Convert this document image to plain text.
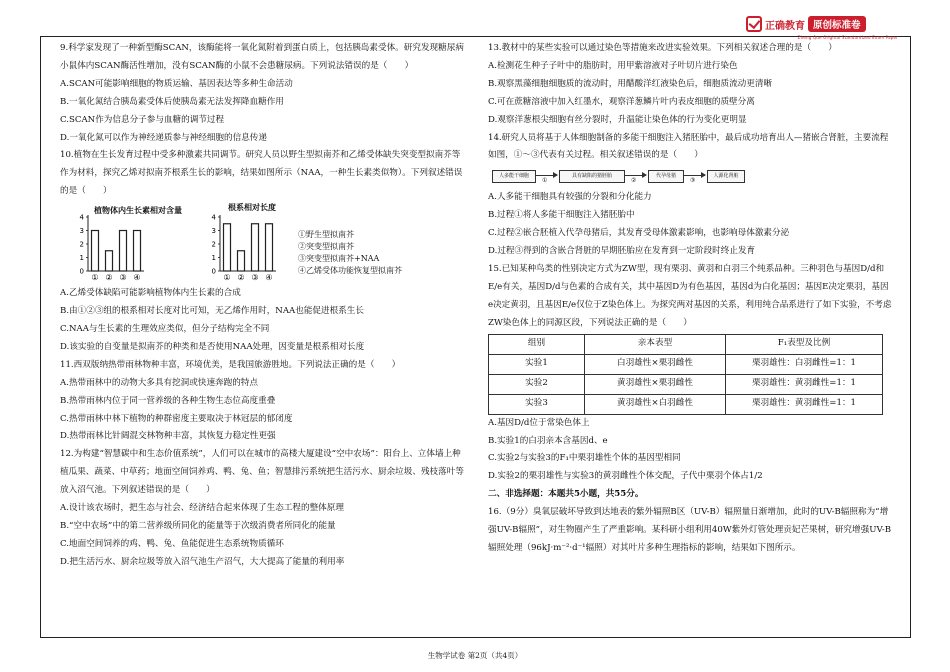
正确教育 原创标准卷
Zheng Que Original Standardized Exam Paper

9.科学家发现了一种新型酶SCAN，该酶能将一氧化氮附着到蛋白质上，包括胰岛素受体。研究发现糖尿病小鼠体内SCAN酶活性增加，没有SCAN酶的小鼠不会患糖尿病。下列说法错误的是（　　）

A.SCAN可能影响细胞的物质运输、基因表达等多种生命活动

B.一氧化氮结合胰岛素受体后使胰岛素无法发挥降血糖作用

C.SCAN作为信息分子参与血糖的调节过程

D.一氧化氮可以作为神经递质参与神经细胞的信息传递

10.植物在生长发育过程中受多种激素共同调节。研究人员以野生型拟南芥和乙烯受体缺失突变型拟南芥等作为材料，探究乙烯对拟南芥根系生长的影响，结果如图所示（NAA，一种生长素类似物）。下列叙述错误的是（　　）

植物体内生长素相对含量	根系相对长度
0
1
2
3
4
① ② ③ ④
0
1
2
3
4
① ② ③ ④
①野生型拟南芥
②突变型拟南芥
③突变型拟南芥+NAA
④乙烯受体功能恢复型拟南芥

A.乙烯受体缺陷可能影响植物体内生长素的合成

B.由①②③组的根系相对长度对比可知，无乙烯作用时，NAA也能促进根系生长

C.NAA与生长素的生理效应类似，但分子结构完全不同

D.该实验的自变量是拟南芥的种类和是否使用NAA处理，因变量是根系相对长度

11.西双版纳热带雨林物种丰富，环境优美，是我国旅游胜地。下列说法正确的是（　　）

A.热带雨林中的动物大多具有挖洞或快速奔跑的特点

B.热带雨林内位于同一营养级的各种生物生态位高度重叠

C.热带雨林中林下植物的种群密度主要取决于林冠层的郁闭度

D.热带雨林比针阔混交林物种丰富，其恢复力稳定性更强

12.为构建“智慧碳中和生态价值系统”，人们可以在城市的高楼大厦建设“空中农场”：阳台上、立体墙上种植瓜果、蔬菜、中草药；地面空间饲养鸡、鸭、兔、鱼；智慧排污系统把生活污水、厨余垃圾、残枝落叶等放入沼气池。下列叙述错误的是（　　）

A.设计该农场时，把生态与社会、经济结合起来体现了生态工程的整体原理

B.“空中农场”中的第二营养级所同化的能量等于次级消费者所同化的能量

C.地面空间饲养的鸡、鸭、兔、鱼能促进生态系统物质循环

D.把生活污水、厨余垃圾等放入沼气池生产沼气，大大提高了能量的利用率

13.教材中的某些实验可以通过染色等措施来改进实验效果。下列相关叙述合理的是（　　）

A.检测花生种子子叶中的脂肪时，用甲紫溶液对子叶切片进行染色

B.观察黑藻细胞细胞质的流动时，用醋酸洋红液染色后，细胞质流动更清晰

C.可在蔗糖溶液中加入红墨水，观察洋葱鳞片叶内表皮细胞的质壁分离

D.观察洋葱根尖细胞有丝分裂时，升温能让染色体的行为变化更明显

14.研究人员将基于人体细胞制备的多能干细胞注入猪胚胎中，最后成功培育出人—猪嵌合肾脏，主要流程如图，①～③代表有关过程。相关叙述错误的是（　　）

人多能干细胞
①
具有缺陷的猪胚胎
②
代孕母猪
③
人源化肾脏

A.人多能干细胞具有较强的分裂和分化能力

B.过程①将人多能干细胞注入猪胚胎中

C.过程②嵌合胚植入代孕母猪后，其发育受母体激素影响，也影响母体激素分泌

D.过程③得到的含嵌合肾脏的早期胚胎应在发育到一定阶段时终止发育

15.已知某种鸟类的性别决定方式为ZW型，现有栗羽、黄羽和白羽三个纯系品种。三种羽色与基因D/d和E/e有关，基因D/d与色素的合成有关，其中基因D为有色基因，基因d为白化基因；基因E决定栗羽，基因e决定黄羽，且基因E/e仅位于Z染色体上。为探究两对基因的关系，利用纯合品系进行了如下实验，不考虑ZW染色体上的同源区段，下列说法正确的是（　　）

组别	亲本表型	F₁表型及比例
实验1	白羽雄性×栗羽雌性	栗羽雄性：白羽雌性=1：1
实验2	黄羽雄性×栗羽雌性	栗羽雄性：黄羽雌性=1：1
实验3	黄羽雄性×白羽雌性	栗羽雄性：黄羽雌性=1：1

A.基因D/d位于常染色体上

B.实验1的白羽亲本含基因d、e

C.实验2与实验3的F₁中栗羽雄性个体的基因型相同

D.实验2的栗羽雄性与实验3的黄羽雌性个体交配，子代中栗羽个体占1/2

二、非选择题：本题共5小题，共55分。

16.（9分）臭氧层破坏导致到达地表的紫外辐照B区（UV-B）辐照量日渐增加，此时的UV-B辐照称为“增强UV-B辐照”，对生物圈产生了严重影响。某科研小组利用40W紫外灯管处理贡妃芒果树，研究增强UV-B辐照处理（96kJ·m⁻²·d⁻¹辐照）对其叶片多种生理指标的影响，结果如下图所示。

生物学试卷 第2页（共4页）
